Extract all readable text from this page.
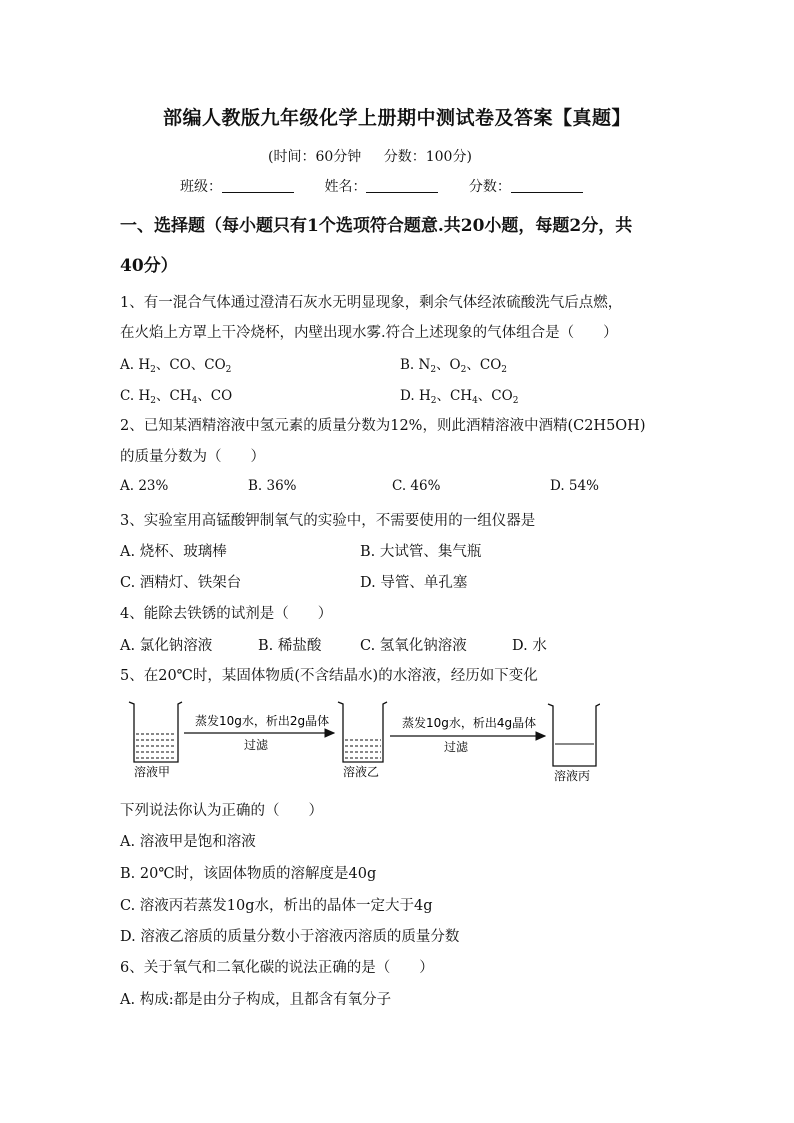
部编人教版九年级化学上册期中测试卷及答案【真题】
(时间：60分钟 分数：100分)
班级：	姓名：	分数：
一、选择题（每小题只有1个选项符合题意.共20小题，每题2分，共
40分）
1、有一混合气体通过澄清石灰水无明显现象，剩余气体经浓硫酸洗气后点燃，
在火焰上方罩上干冷烧杯，内壁出现水雾.符合上述现象的气体组合是（　　）
A. $H_2$、CO、$CO_2$	B. $N_2$、$O_2$、$CO_2$
C. $H_2$、$CH_4$、CO	D. $H_2$、$CH_4$、$CO_2$
2、已知某酒精溶液中氢元素的质量分数为12%，则此酒精溶液中酒精(C2H5OH)
的质量分数为（　　）
A. 23%	B. 36%	C. 46%	D. 54%
3、实验室用高锰酸钾制氧气的实验中，不需要使用的一组仪器是
A. 烧杯、玻璃棒	B. 大试管、集气瓶
C. 酒精灯、铁架台	D. 导管、单孔塞
4、能除去铁锈的试剂是（　　）
A. 氯化钠溶液	B. 稀盐酸	C. 氢氧化钠溶液	D. 水
5、在20℃时，某固体物质(不含结晶水)的水溶液，经历如下变化
溶液甲
蒸发10g水，析出2g晶体
过滤
溶液乙
蒸发10g水，析出4g晶体
过滤
溶液丙
下列说法你认为正确的（　　）
A. 溶液甲是饱和溶液
B. 20℃时，该固体物质的溶解度是40g
C. 溶液丙若蒸发10g水，析出的晶体一定大于4g
D. 溶液乙溶质的质量分数小于溶液丙溶质的质量分数
6、关于氧气和二氧化碳的说法正确的是（　　）
A. 构成:都是由分子构成，且都含有氧分子
